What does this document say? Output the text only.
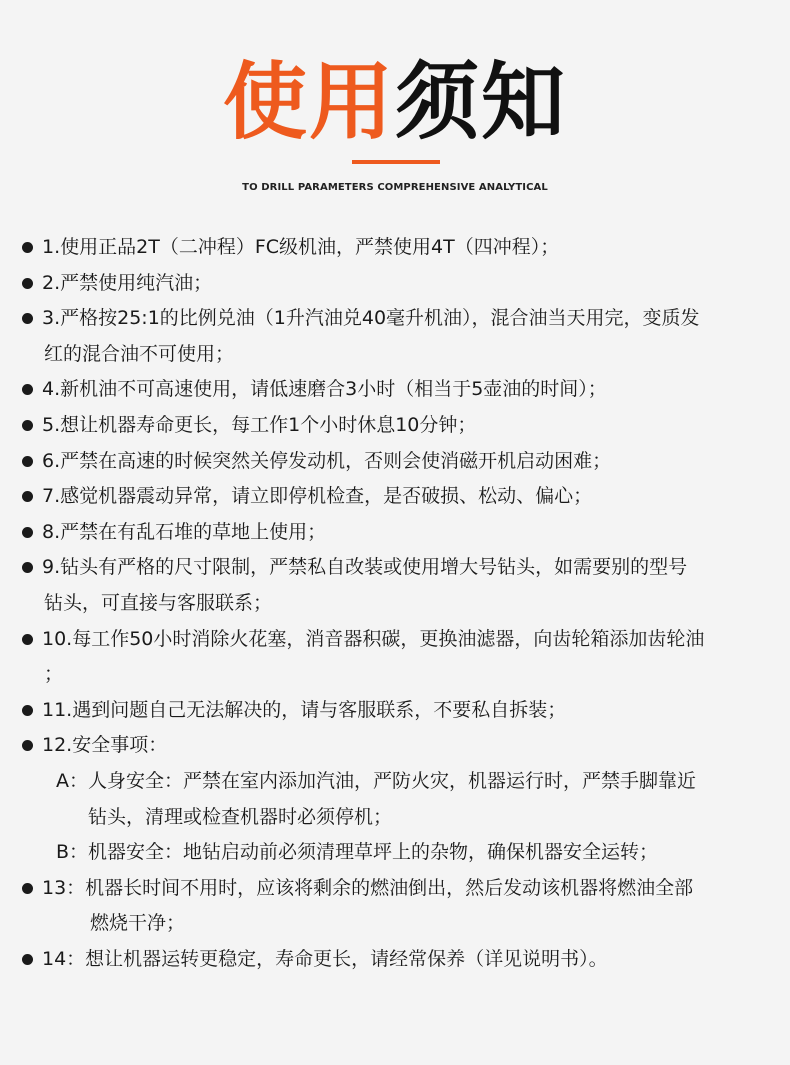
使用须知
TO DRILL PARAMETERS COMPREHENSIVE ANALYTICAL
1.使用正品2T（二冲程）FC级机油，严禁使用4T（四冲程）；
2.严禁使用纯汽油；
3.严格按25:1的比例兑油（1升汽油兑40毫升机油），混合油当天用完，变质发
红的混合油不可使用；
4.新机油不可高速使用，请低速磨合3小时（相当于5壶油的时间）；
5.想让机器寿命更长，每工作1个小时休息10分钟；
6.严禁在高速的时候突然关停发动机，否则会使消磁开机启动困难；
7.感觉机器震动异常，请立即停机检查，是否破损、松动、偏心；
8.严禁在有乱石堆的草地上使用；
9.钻头有严格的尺寸限制，严禁私自改装或使用增大号钻头，如需要别的型号
钻头，可直接与客服联系；
10.每工作50小时消除火花塞，消音器积碳，更换油滤器，向齿轮箱添加齿轮油
；
11.遇到问题自己无法解决的，请与客服联系，不要私自拆装；
12.安全事项：
A：人身安全：严禁在室内添加汽油，严防火灾，机器运行时，严禁手脚靠近
钻头，清理或检查机器时必须停机；
B：机器安全：地钻启动前必须清理草坪上的杂物，确保机器安全运转；
13：机器长时间不用时，应该将剩余的燃油倒出，然后发动该机器将燃油全部
燃烧干净；
14：想让机器运转更稳定，寿命更长，请经常保养（详见说明书）。
